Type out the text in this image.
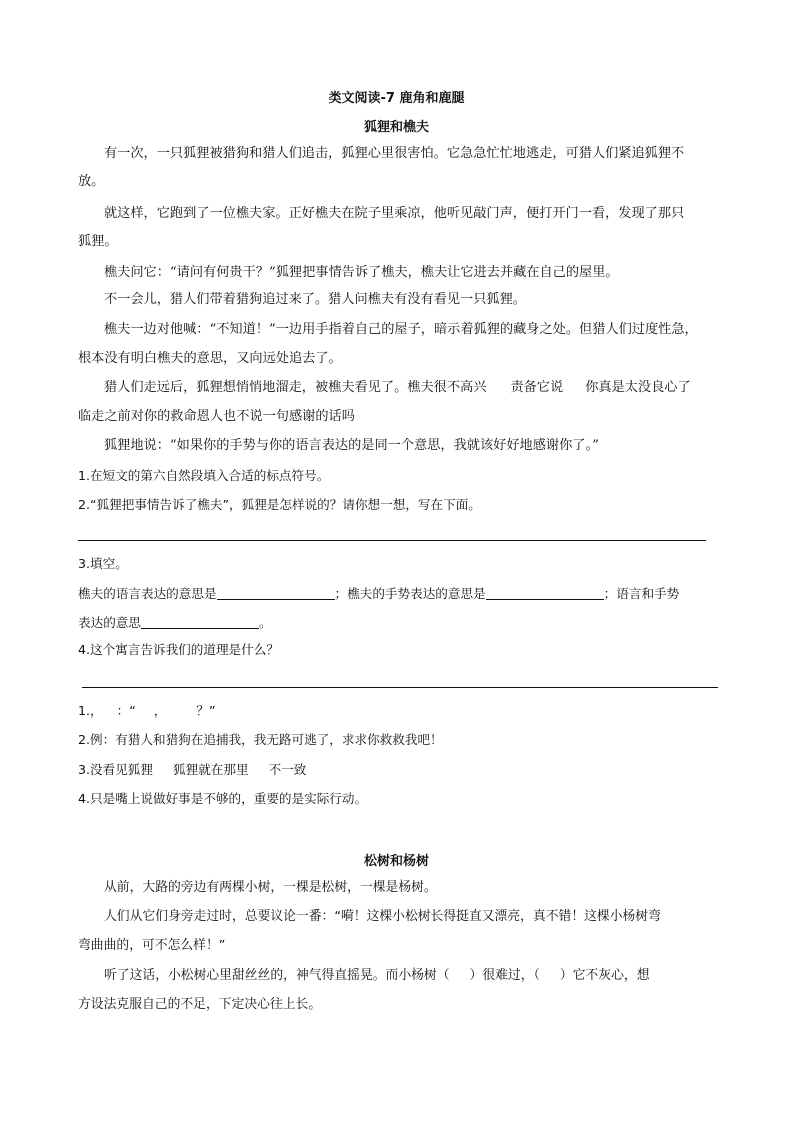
类文阅读-7 鹿角和鹿腿
狐狸和樵夫
有一次，一只狐狸被猎狗和猎人们追击，狐狸心里很害怕。它急急忙忙地逃走，可猎人们紧追狐狸不
放。
就这样，它跑到了一位樵夫家。正好樵夫在院子里乘凉，他听见敲门声，便打开门一看，发现了那只
狐狸。
樵夫问它：“请问有何贵干？”狐狸把事情告诉了樵夫，樵夫让它进去并藏在自己的屋里。
不一会儿，猎人们带着猎狗追过来了。猎人问樵夫有没有看见一只狐狸。
樵夫一边对他喊：“不知道！”一边用手指着自己的屋子，暗示着狐狸的藏身之处。但猎人们过度性急，
根本没有明白樵夫的意思，又向远处追去了。
猎人们走远后，狐狸想悄悄地溜走，被樵夫看见了。樵夫很不高兴 责备它说 你真是太没良心了
临走之前对你的救命恩人也不说一句感谢的话吗
狐狸地说：“如果你的手势与你的语言表达的是同一个意思，我就该好好地感谢你了。”
1.在短文的第六自然段填入合适的标点符号。
2.“狐狸把事情告诉了樵夫”，狐狸是怎样说的？请你想一想，写在下面。
3.填空。
樵夫的语言表达的意思是	；樵夫的手势表达的意思是	；语言和手势
表达的意思	。
4.这个寓言告诉我们的道理是什么？
1.， ：“ ， ？”
2.例：有猎人和猎狗在追捕我，我无路可逃了，求求你救救我吧！
3.没看见狐狸 狐狸就在那里 不一致
4.只是嘴上说做好事是不够的，重要的是实际行动。
松树和杨树
从前，大路的旁边有两棵小树，一棵是松树，一棵是杨树。
人们从它们身旁走过时，总要议论一番：“嗬！这棵小松树长得挺直又漂亮，真不错！这棵小杨树弯
弯曲曲的，可不怎么样！”
听了这话，小松树心里甜丝丝的，神气得直摇晃。而小杨树（ ）很难过，（ ）它不灰心，想
方设法克服自己的不足，下定决心往上长。
